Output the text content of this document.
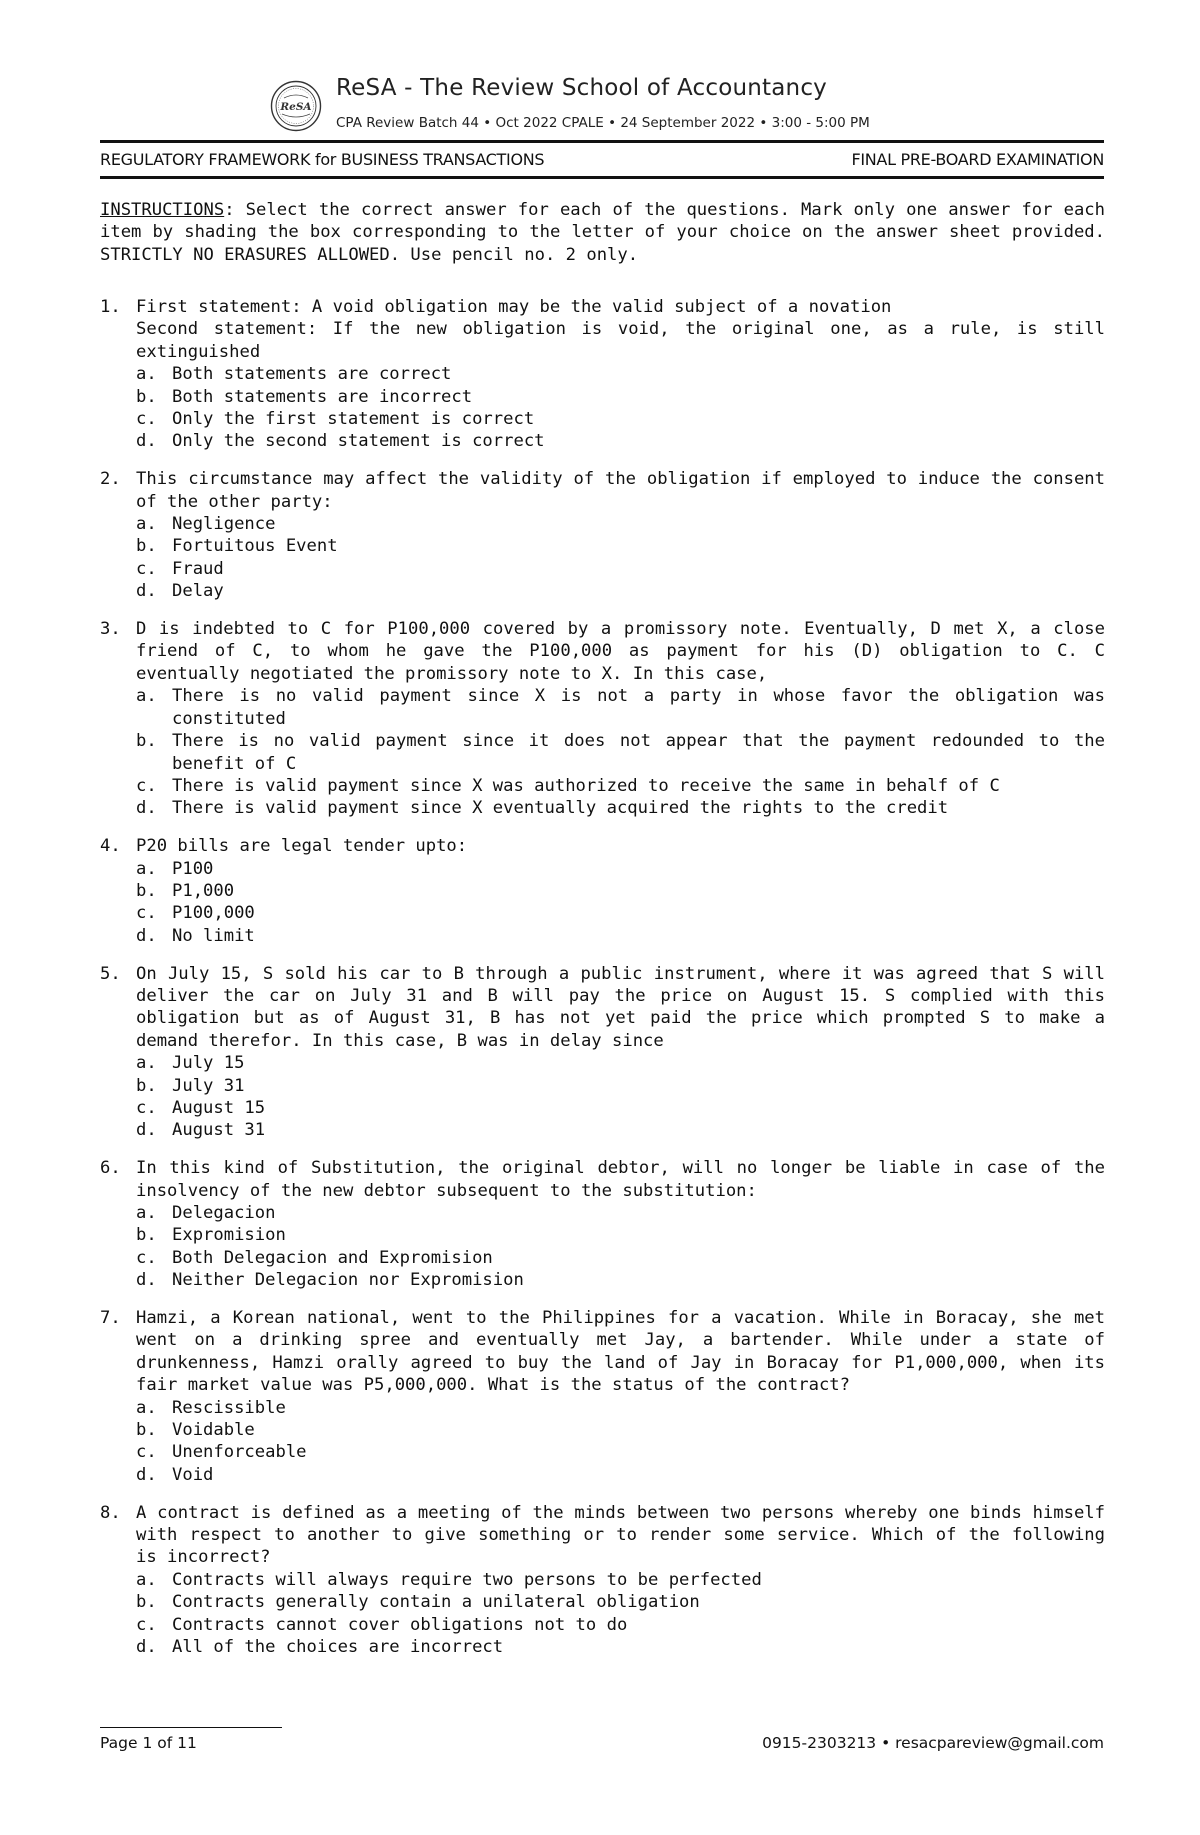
ReSA
ReSA - The Review School of Accountancy
CPA Review Batch 44 • Oct 2022 CPALE • 24 September 2022 • 3:00 - 5:00 PM
REGULATORY FRAMEWORK for BUSINESS TRANSACTIONS	FINAL PRE-BOARD EXAMINATION

INSTRUCTIONS: Select the correct answer for each of the questions. Mark only one answer for each item by shading the box corresponding to the letter of your choice on the answer sheet provided. STRICTLY NO ERASURES ALLOWED. Use pencil no. 2 only.

1. First statement: A void obligation may be the valid subject of a novation
Second statement: If the new obligation is void, the original one, as a rule, is still extinguished
a. Both statements are correct
b. Both statements are incorrect
c. Only the first statement is correct
d. Only the second statement is correct
2. This circumstance may affect the validity of the obligation if employed to induce the consent of the other party:
a. Negligence
b. Fortuitous Event
c. Fraud
d. Delay
3. D is indebted to C for P100,000 covered by a promissory note. Eventually, D met X, a close friend of C, to whom he gave the P100,000 as payment for his (D) obligation to C. C eventually negotiated the promissory note to X. In this case,
a. There is no valid payment since X is not a party in whose favor the obligation was constituted
b. There is no valid payment since it does not appear that the payment redounded to the benefit of C
c. There is valid payment since X was authorized to receive the same in behalf of C
d. There is valid payment since X eventually acquired the rights to the credit
4. P20 bills are legal tender upto:
a. P100
b. P1,000
c. P100,000
d. No limit
5. On July 15, S sold his car to B through a public instrument, where it was agreed that S will deliver the car on July 31 and B will pay the price on August 15. S complied with this obligation but as of August 31, B has not yet paid the price which prompted S to make a demand therefor. In this case, B was in delay since
a. July 15
b. July 31
c. August 15
d. August 31
6. In this kind of Substitution, the original debtor, will no longer be liable in case of the insolvency of the new debtor subsequent to the substitution:
a. Delegacion
b. Expromision
c. Both Delegacion and Expromision
d. Neither Delegacion nor Expromision
7. Hamzi, a Korean national, went to the Philippines for a vacation. While in Boracay, she met went on a drinking spree and eventually met Jay, a bartender. While under a state of drunkenness, Hamzi orally agreed to buy the land of Jay in Boracay for P1,000,000, when its fair market value was P5,000,000. What is the status of the contract?
a. Rescissible
b. Voidable
c. Unenforceable
d. Void
8. A contract is defined as a meeting of the minds between two persons whereby one binds himself with respect to another to give something or to render some service. Which of the following is incorrect?
a. Contracts will always require two persons to be perfected
b. Contracts generally contain a unilateral obligation
c. Contracts cannot cover obligations not to do
d. All of the choices are incorrect
Page 1 of 11	0915-2303213 • resacpareview@gmail.com
